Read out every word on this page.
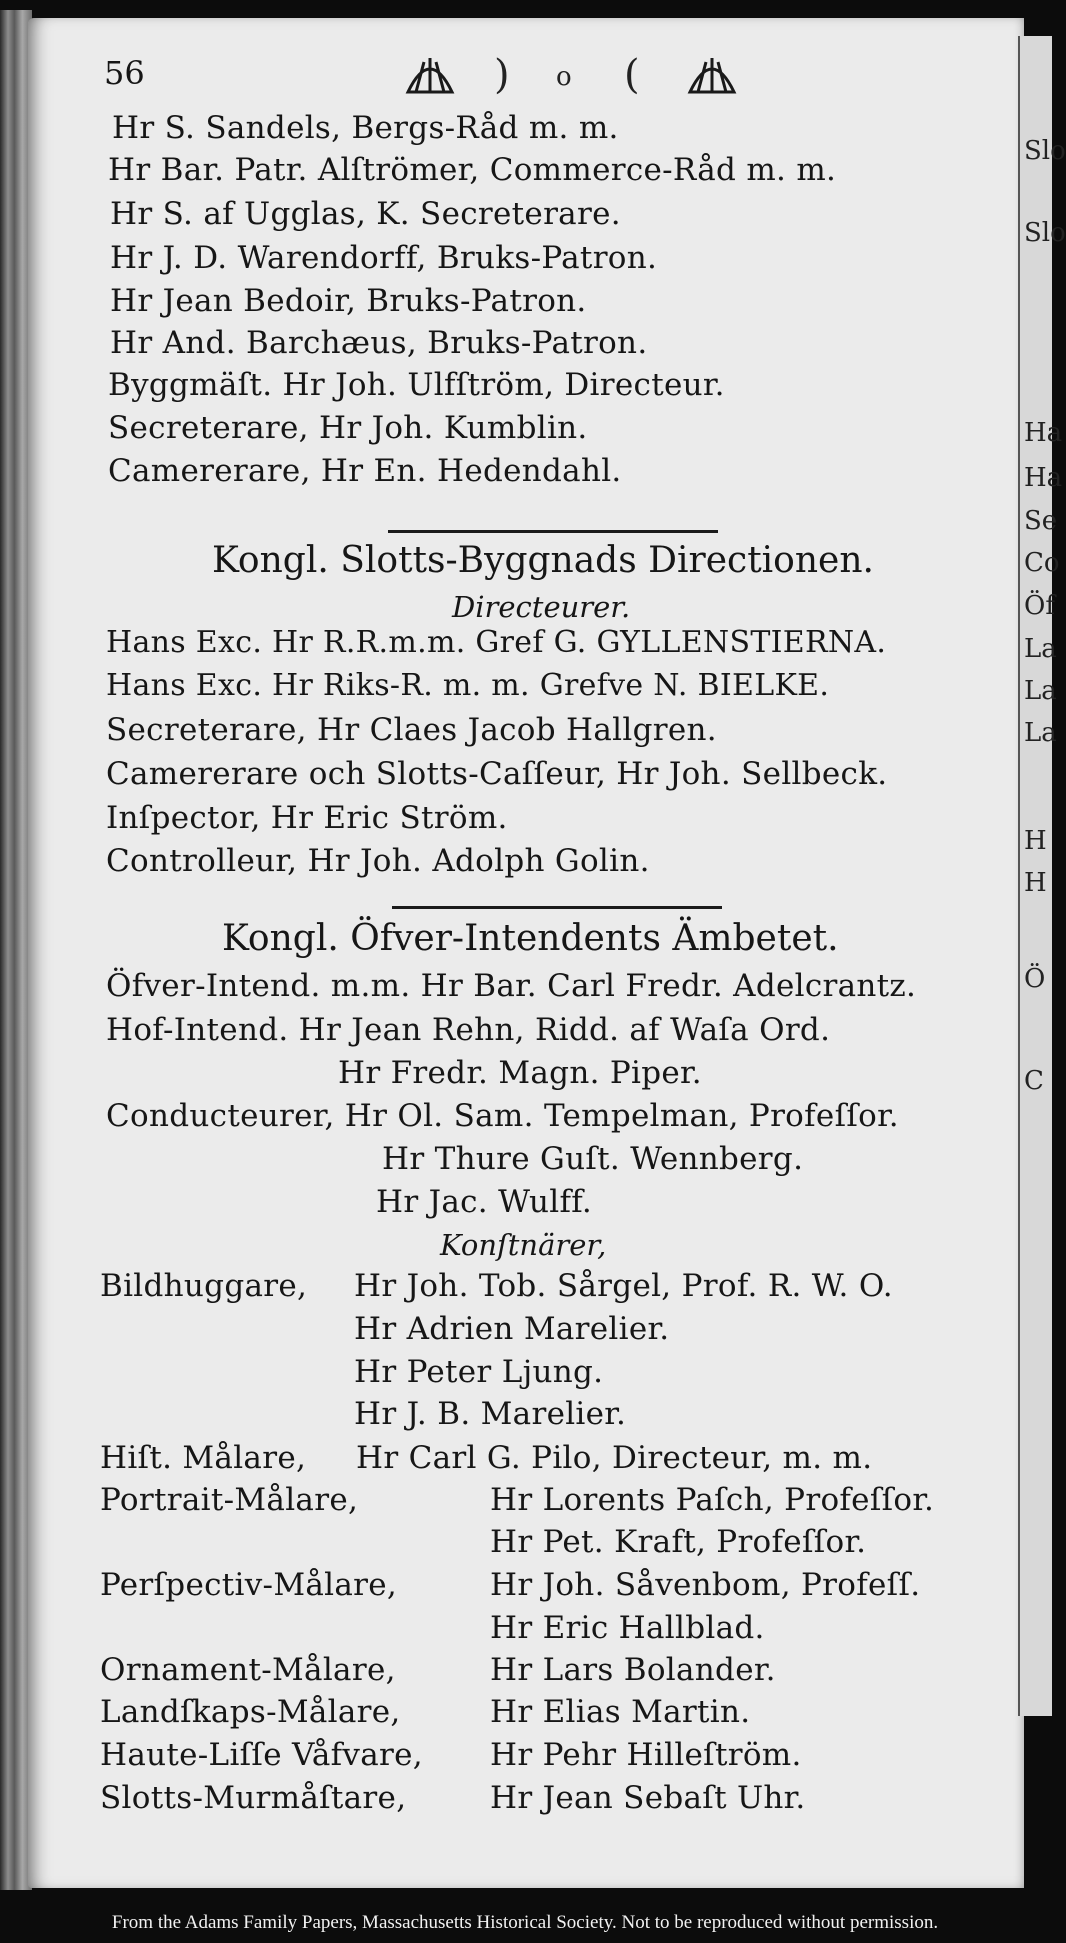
Slo
Slo
Ha
Ha
Se
Co
Öf
La
La
La
H
H
Ö
C
56	) o (
Hr S. Sandels, Bergs-Råd m. m.
Hr Bar. Patr. Alſtrömer, Commerce-Råd m. m.
Hr S. af Ugglas, K. Secreterare.
Hr J. D. Warendorff, Bruks-Patron.
Hr Jean Bedoir, Bruks-Patron.
Hr And. Barchæus, Bruks-Patron.
Byggmäſt. Hr Joh. Ulfſtröm, Directeur.
Secreterare, Hr Joh. Kumblin.
Camererare, Hr En. Hedendahl.
Kongl. Slotts-Byggnads Directionen.
Directeurer.
Hans Exc. Hr R.R.m.m. Gref G. GYLLENSTIERNA.
Hans Exc. Hr Riks-R. m. m. Grefve N. BIELKE.
Secreterare, Hr Claes Jacob Hallgren.
Camererare och Slotts-Caſſeur, Hr Joh. Sellbeck.
Inſpector, Hr Eric Ström.
Controlleur, Hr Joh. Adolph Golin.
Kongl. Öfver-Intendents Ämbetet.
Öfver-Intend. m.m. Hr Bar. Carl Fredr. Adelcrantz.
Hof-Intend. Hr Jean Rehn, Ridd. af Waſa Ord.
Hr Fredr. Magn. Piper.
Conducteurer, Hr Ol. Sam. Tempelman, Profeſſor.
Hr Thure Guſt. Wennberg.
Hr Jac. Wulff.
Konſtnärer,
Bildhuggare, Hr Joh. Tob. Sårgel, Prof. R. W. O.
Hr Adrien Marelier.
Hr Peter Ljung.
Hr J. B. Marelier.
Hiſt. Målare, Hr Carl G. Pilo, Directeur, m. m.
Portrait-Målare,	Hr Lorents Paſch, Profeſſor.
Hr Pet. Kraft, Profeſſor.
Perſpectiv-Målare,	Hr Joh. Såvenbom, Profeſſ.
Hr Eric Hallblad.
Ornament-Målare,	Hr Lars Bolander.
Landſkaps-Målare,	Hr Elias Martin.
Haute-Liſſe Våfvare, Hr Pehr Hilleſtröm.
Slotts-Murmåſtare,	Hr Jean Sebaſt Uhr.
From the Adams Family Papers, Massachusetts Historical Society. Not to be reproduced without permission.
